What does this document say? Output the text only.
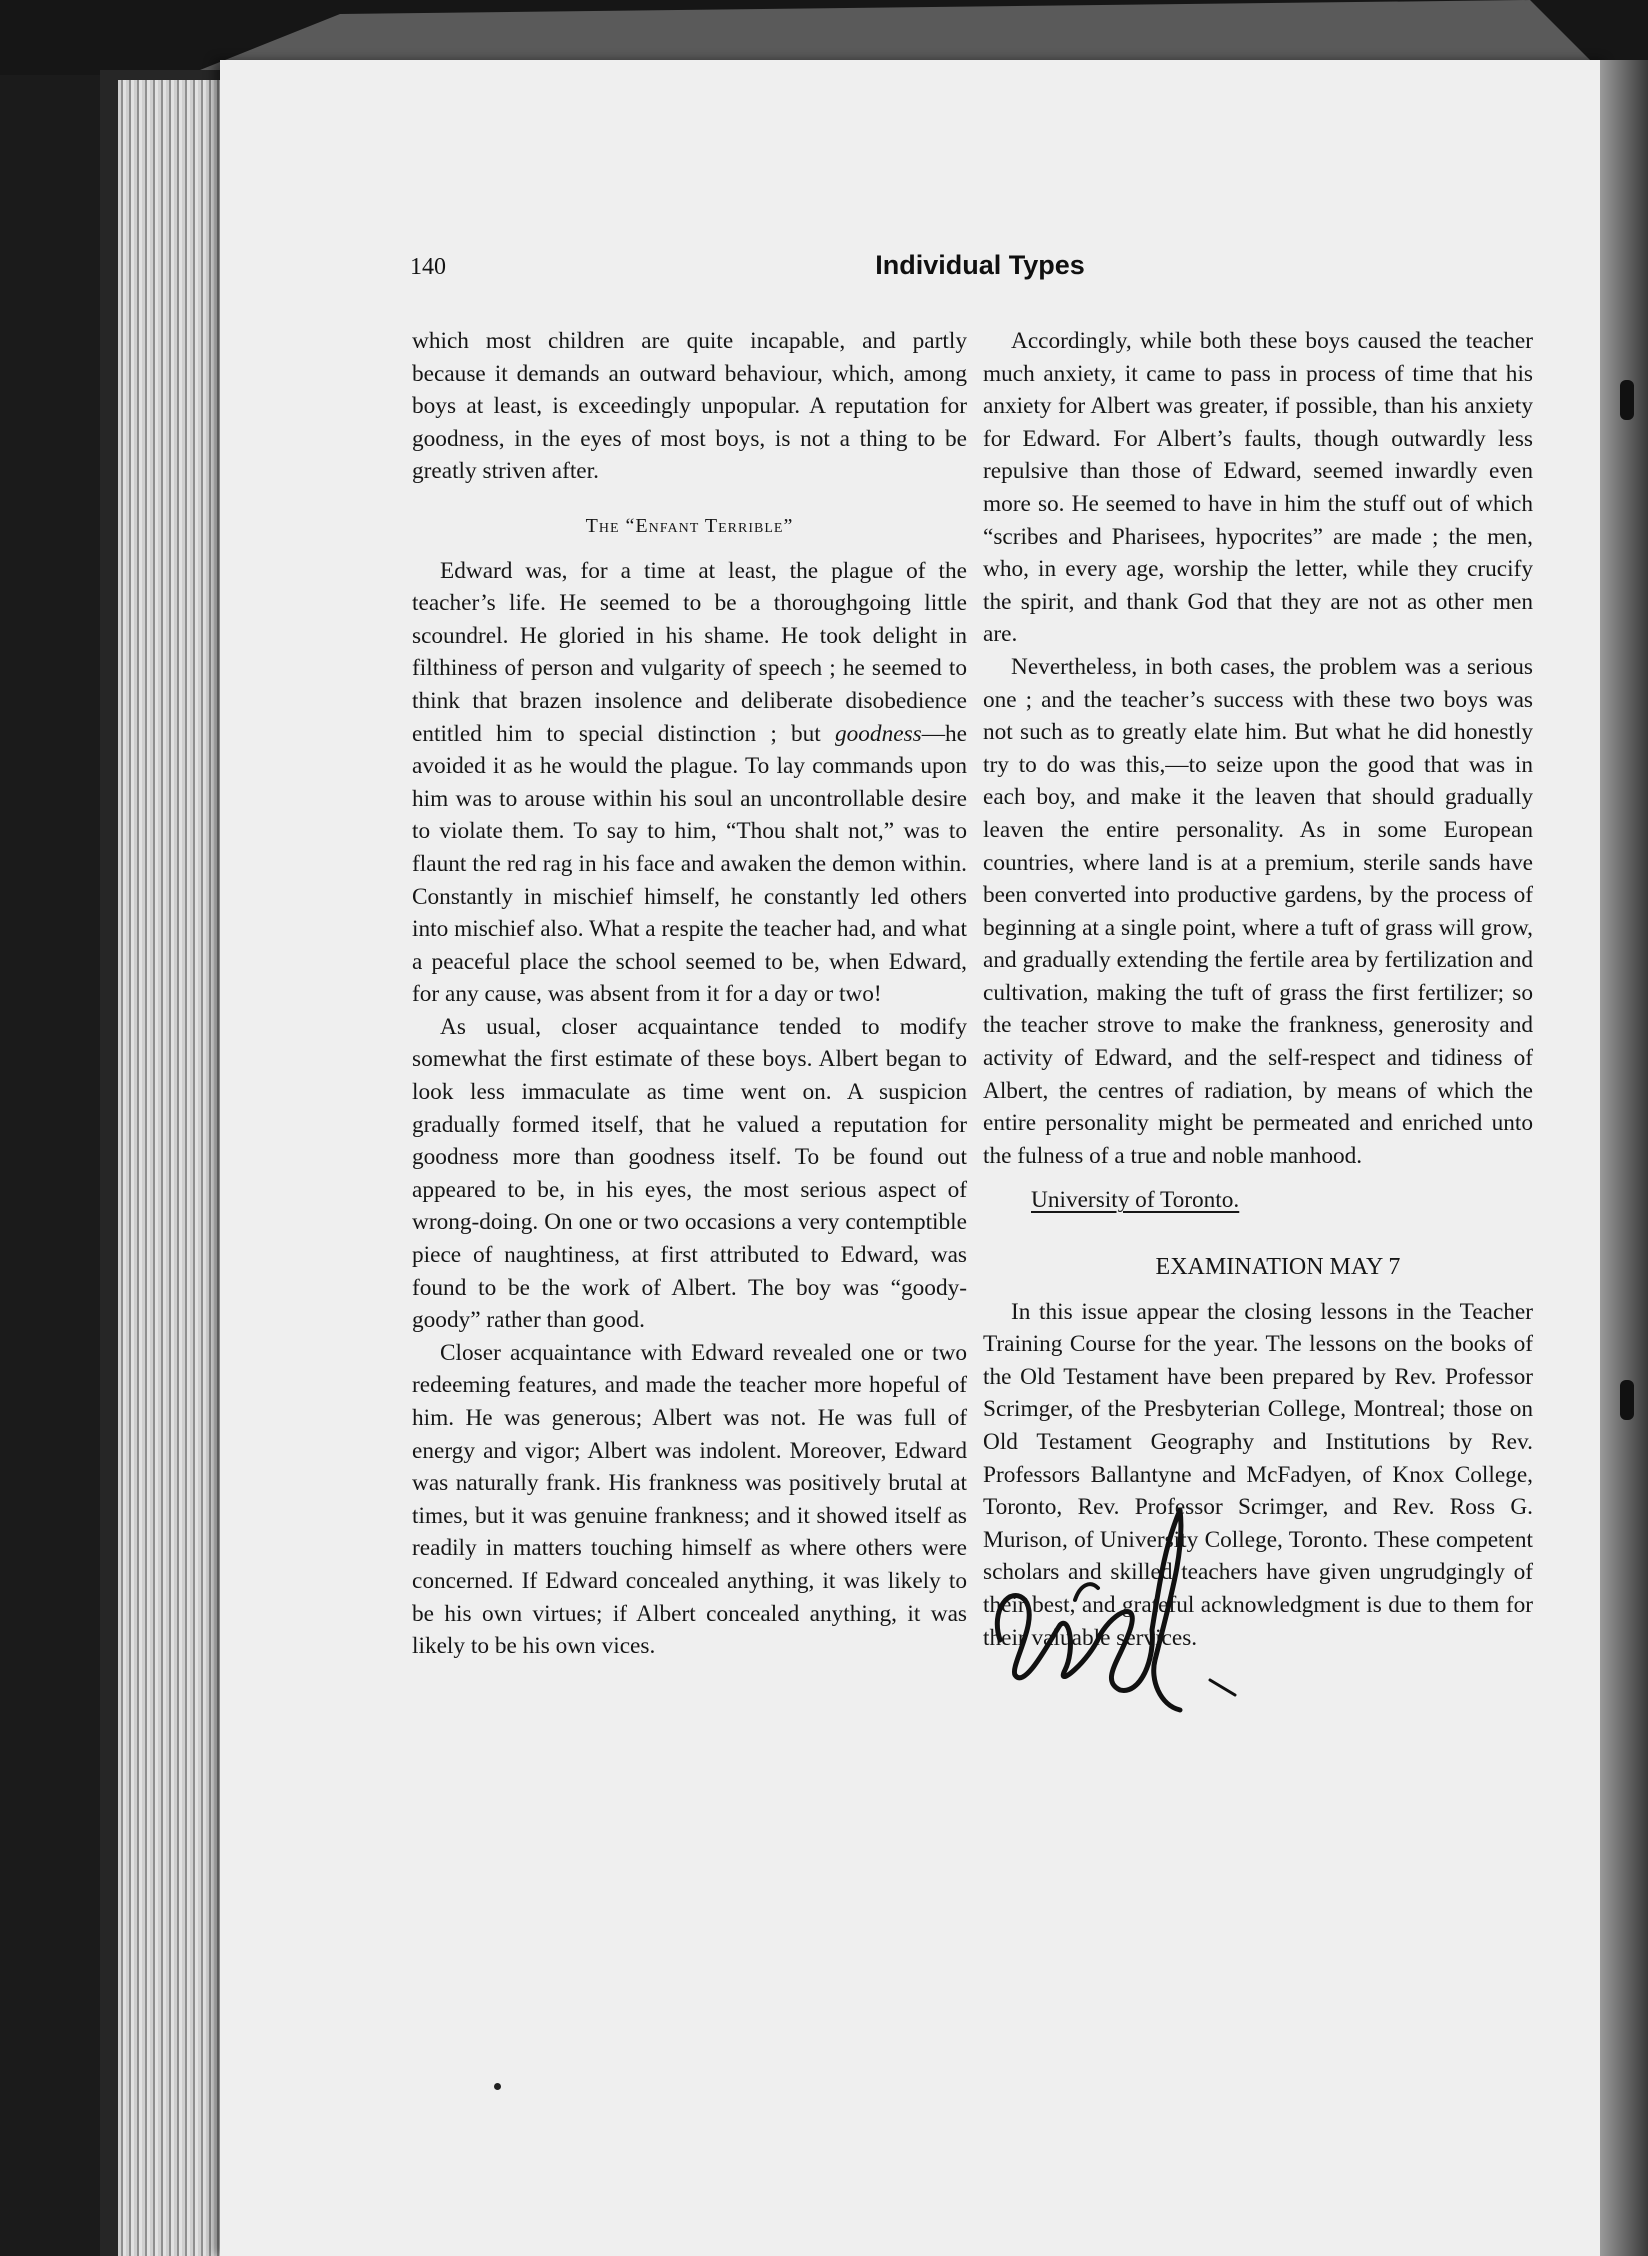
140	Individual Types

which most children are quite incapable, and partly because it demands an outward behaviour, which, among boys at least, is exceedingly unpopular. A reputation for goodness, in the eyes of most boys, is not a thing to be greatly striven after.

The “Enfant Terrible”

Edward was, for a time at least, the plague of the teacher’s life. He seemed to be a thoroughgoing little scoundrel. He gloried in his shame. He took delight in filthiness of person and vulgarity of speech ; he seemed to think that brazen insolence and deliberate disobedience entitled him to special distinction ; but goodness—he avoided it as he would the plague. To lay commands upon him was to arouse within his soul an uncontrollable desire to violate them. To say to him, “Thou shalt not,” was to flaunt the red rag in his face and awaken the demon within. Constantly in mischief himself, he constantly led others into mischief also. What a respite the teacher had, and what a peaceful place the school seemed to be, when Edward, for any cause, was absent from it for a day or two!

As usual, closer acquaintance tended to modify somewhat the first estimate of these boys. Albert began to look less immaculate as time went on. A suspicion gradually formed itself, that he valued a reputation for goodness more than goodness itself. To be found out appeared to be, in his eyes, the most serious aspect of wrong-doing. On one or two occasions a very contemptible piece of naughtiness, at first attributed to Edward, was found to be the work of Albert. The boy was “goody-goody” rather than good.

Closer acquaintance with Edward revealed one or two redeeming features, and made the teacher more hopeful of him. He was generous; Albert was not. He was full of energy and vigor; Albert was indolent. Moreover, Edward was naturally frank. His frankness was positively brutal at times, but it was genuine frankness; and it showed itself as readily in matters touching himself as where others were concerned. If Edward concealed anything, it was likely to be his own virtues; if Albert concealed anything, it was likely to be his own vices.

Accordingly, while both these boys caused the teacher much anxiety, it came to pass in process of time that his anxiety for Albert was greater, if possible, than his anxiety for Edward. For Albert’s faults, though outwardly less repulsive than those of Edward, seemed inwardly even more so. He seemed to have in him the stuff out of which “scribes and Pharisees, hypocrites” are made ; the men, who, in every age, worship the letter, while they crucify the spirit, and thank God that they are not as other men are.

Nevertheless, in both cases, the problem was a serious one ; and the teacher’s success with these two boys was not such as to greatly elate him. But what he did honestly try to do was this,—to seize upon the good that was in each boy, and make it the leaven that should gradually leaven the entire personality. As in some European countries, where land is at a premium, sterile sands have been converted into productive gardens, by the process of beginning at a single point, where a tuft of grass will grow, and gradually extending the fertile area by fertilization and cultivation, making the tuft of grass the first fertilizer; so the teacher strove to make the frankness, generosity and activity of Edward, and the self-respect and tidiness of Albert, the centres of radiation, by means of which the entire personality might be permeated and enriched unto the fulness of a true and noble manhood.

University of Toronto.
EXAMINATION MAY 7

In this issue appear the closing lessons in the Teacher Training Course for the year. The lessons on the books of the Old Testament have been prepared by Rev. Professor Scrimger, of the Presbyterian College, Montreal; those on Old Testament Geography and Institutions by Rev. Professors Ballantyne and McFadyen, of Knox College, Toronto, Rev. Professor Scrimger, and Rev. Ross G. Murison, of University College, Toronto. These competent scholars and skilled teachers have given ungrudgingly of their best, and grateful acknowledgment is due to them for their valuable services.
